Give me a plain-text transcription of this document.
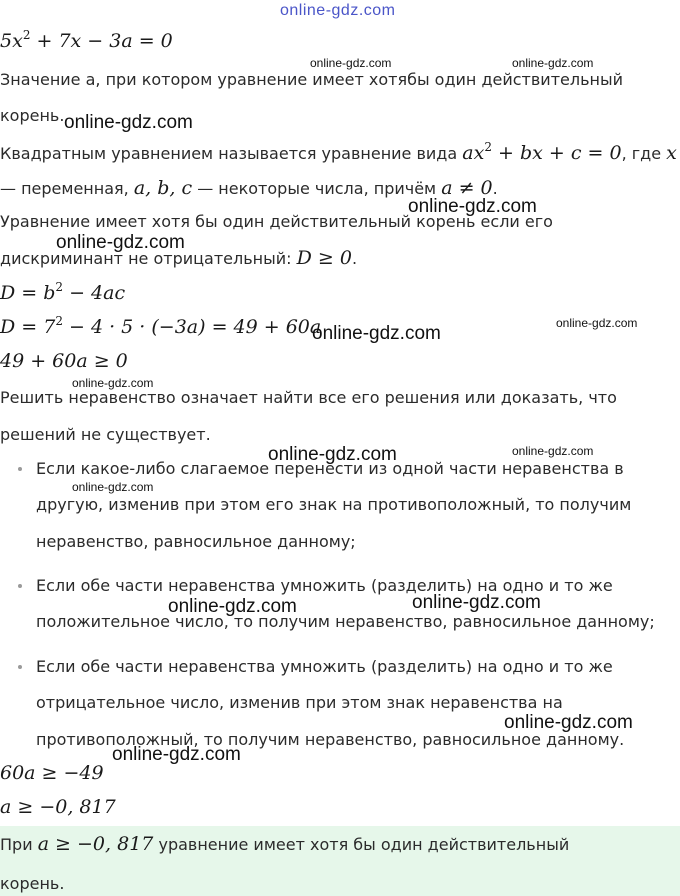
online-gdz.com
$5x^2 + 7x - 3a = 0$
Значение a, при котором уравнение имеет хотябы один действительный
корень.
Квадратным уравнением называется уравнение вида $ax^2$ + bx + c = 0, где x
— переменная, a, b, c — некоторые числа, причём a ≠ 0.
Уравнение имеет хотя бы один действительный корень если его
дискриминант не отрицательный: D ≥ 0.
$D = b^2 - 4ac$
$D = 7^2 - 4 \cdot 5 \cdot (-3a) = 49 + 60a$
49 + 60a ≥ 0
Решить неравенство означает найти все его решения или доказать, что
решений не существует.
Если какое-либо слагаемое перенести из одной части неравенства в
другую, изменив при этом его знак на противоположный, то получим
неравенство, равносильное данному;
Если обе части неравенства умножить (разделить) на одно и то же
положительное число, то получим неравенство, равносильное данному;
Если обе части неравенства умножить (разделить) на одно и то же
отрицательное число, изменив при этом знак неравенства на
противоположный, то получим неравенство, равносильное данному.
60a ≥ −49
a ≥ −0, 817
При a ≥ −0, 817 уравнение имеет хотя бы один действительный
корень.
online-gdz.com	online-gdz.com
online-gdz.com
online-gdz.com
online-gdz.com
online-gdz.com	online-gdz.com
online-gdz.com
online-gdz.com	online-gdz.com
online-gdz.com
online-gdz.com	online-gdz.com
online-gdz.com
online-gdz.com
